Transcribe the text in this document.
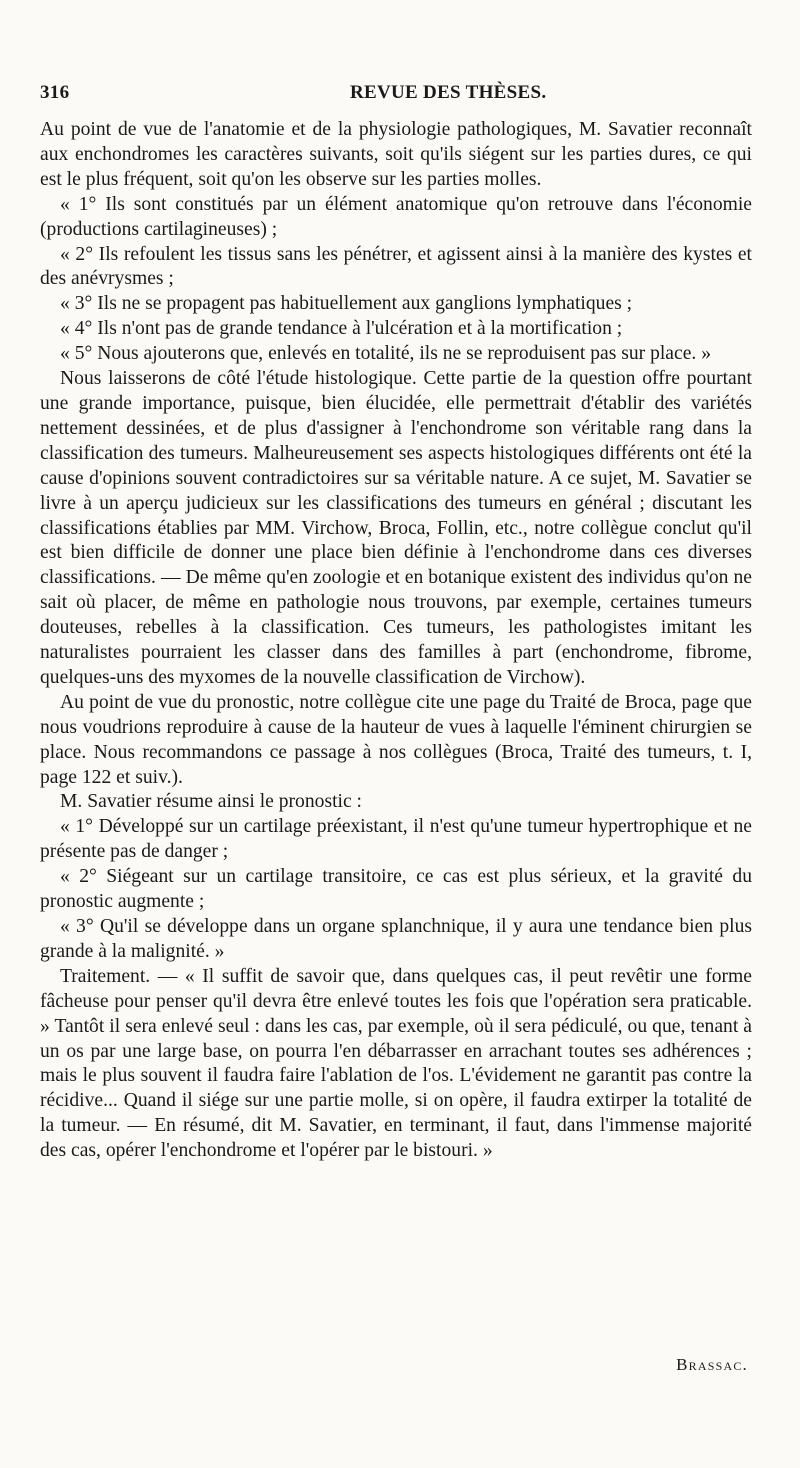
316	REVUE DES THÈSES.

Au point de vue de l'anatomie et de la physiologie pathologiques, M. Savatier reconnaît aux enchondromes les caractères suivants, soit qu'ils siégent sur les parties dures, ce qui est le plus fréquent, soit qu'on les observe sur les parties molles.

« 1° Ils sont constitués par un élément anatomique qu'on retrouve dans l'économie (productions cartilagineuses) ;

« 2° Ils refoulent les tissus sans les pénétrer, et agissent ainsi à la manière des kystes et des anévrysmes ;

« 3° Ils ne se propagent pas habituellement aux ganglions lymphatiques ;

« 4° Ils n'ont pas de grande tendance à l'ulcération et à la mortification ;

« 5° Nous ajouterons que, enlevés en totalité, ils ne se reproduisent pas sur place. »

Nous laisserons de côté l'étude histologique. Cette partie de la question offre pourtant une grande importance, puisque, bien élucidée, elle permettrait d'établir des variétés nettement dessinées, et de plus d'assigner à l'enchondrome son véritable rang dans la classification des tumeurs. Malheureusement ses aspects histologiques différents ont été la cause d'opinions souvent contradictoires sur sa véritable nature. A ce sujet, M. Savatier se livre à un aperçu judicieux sur les classifications des tumeurs en général ; discutant les classifications établies par MM. Virchow, Broca, Follin, etc., notre collègue conclut qu'il est bien difficile de donner une place bien définie à l'enchondrome dans ces diverses classifications. — De même qu'en zoologie et en botanique existent des individus qu'on ne sait où placer, de même en pathologie nous trouvons, par exemple, certaines tumeurs douteuses, rebelles à la classification. Ces tumeurs, les pathologistes imitant les naturalistes pourraient les classer dans des familles à part (enchondrome, fibrome, quelques-uns des myxomes de la nouvelle classification de Virchow).

Au point de vue du pronostic, notre collègue cite une page du Traité de Broca, page que nous voudrions reproduire à cause de la hauteur de vues à laquelle l'éminent chirurgien se place. Nous recommandons ce passage à nos collègues (Broca, Traité des tumeurs, t. I, page 122 et suiv.).

M. Savatier résume ainsi le pronostic :

« 1° Développé sur un cartilage préexistant, il n'est qu'une tumeur hypertrophique et ne présente pas de danger ;

« 2° Siégeant sur un cartilage transitoire, ce cas est plus sérieux, et la gravité du pronostic augmente ;

« 3° Qu'il se développe dans un organe splanchnique, il y aura une tendance bien plus grande à la malignité. »

Traitement. — « Il suffit de savoir que, dans quelques cas, il peut revêtir une forme fâcheuse pour penser qu'il devra être enlevé toutes les fois que l'opération sera praticable. » Tantôt il sera enlevé seul : dans les cas, par exemple, où il sera pédiculé, ou que, tenant à un os par une large base, on pourra l'en débarrasser en arrachant toutes ses adhérences ; mais le plus souvent il faudra faire l'ablation de l'os. L'évidement ne garantit pas contre la récidive... Quand il siége sur une partie molle, si on opère, il faudra extirper la totalité de la tumeur. — En résumé, dit M. Savatier, en terminant, il faut, dans l'immense majorité des cas, opérer l'enchondrome et l'opérer par le bistouri. »

Brassac.
